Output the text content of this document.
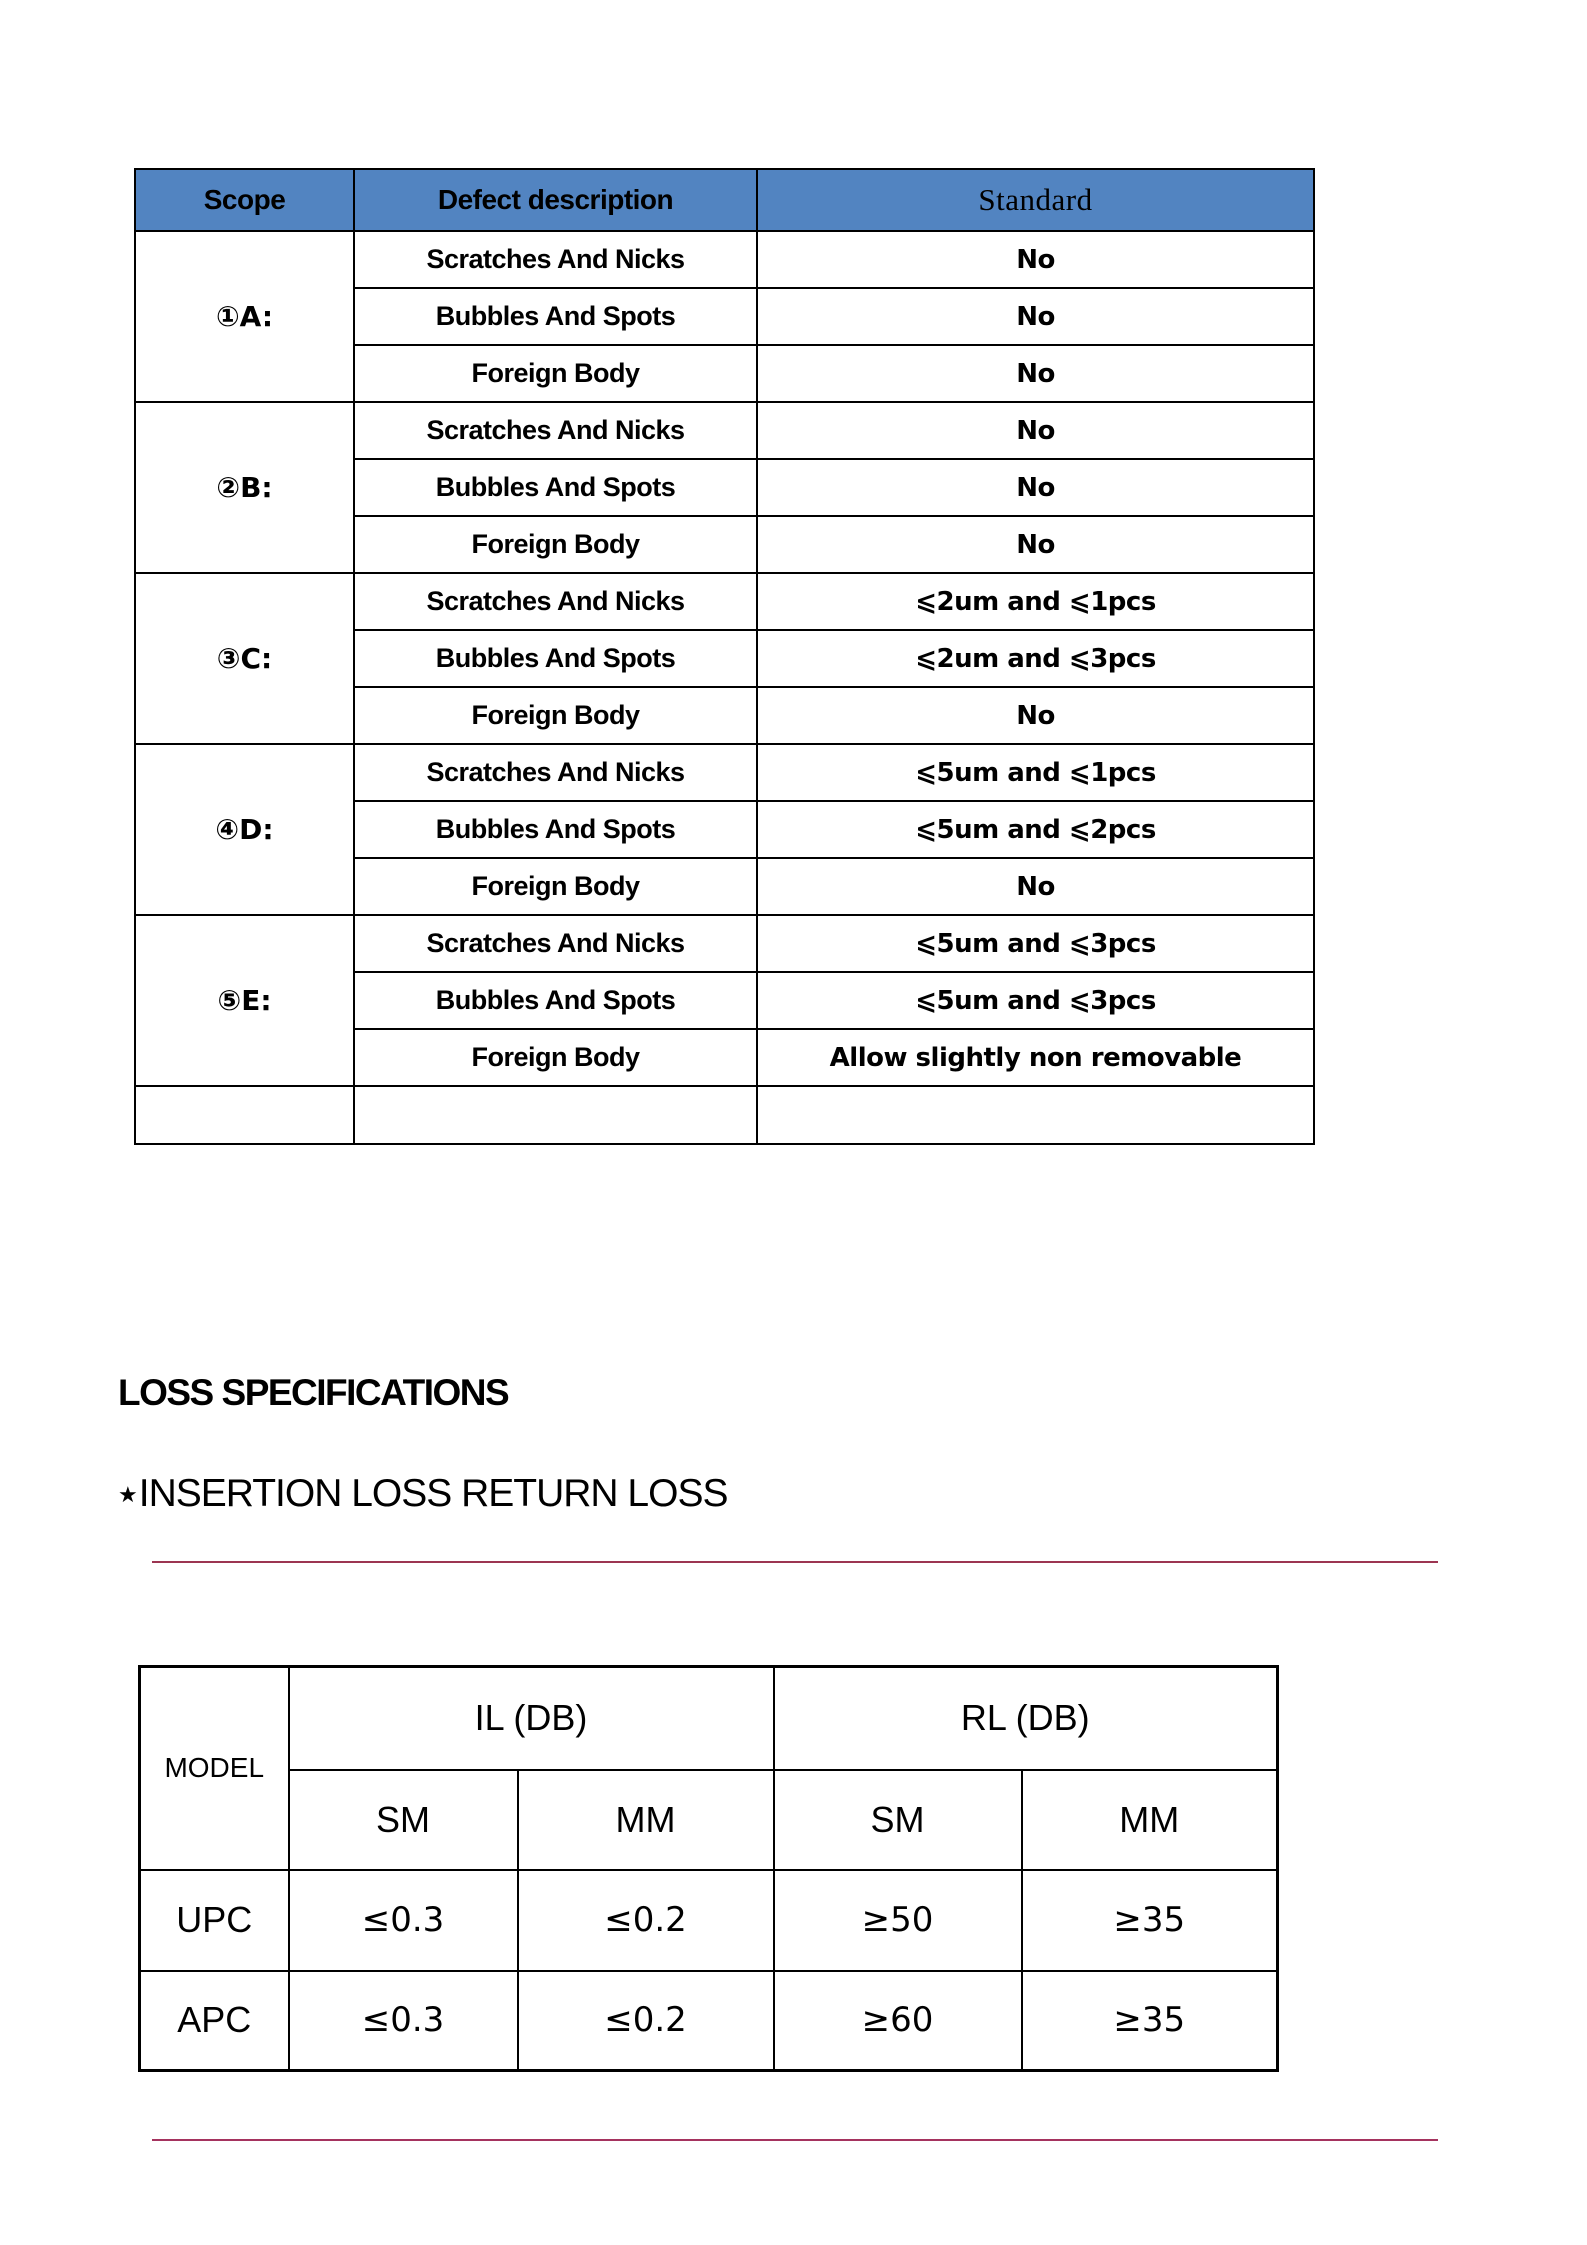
Scope	Defect description	Standard
①A:	Scratches And Nicks	No
	Bubbles And Spots	No
	Foreign Body	No
②B:	Scratches And Nicks	No
	Bubbles And Spots	No
	Foreign Body	No
③C:	Scratches And Nicks	⩽2um and ⩽1pcs
	Bubbles And Spots	⩽2um and ⩽3pcs
	Foreign Body	No
④D:	Scratches And Nicks	⩽5um and ⩽1pcs
	Bubbles And Spots	⩽5um and ⩽2pcs
	Foreign Body	No
⑤E:	Scratches And Nicks	⩽5um and ⩽3pcs
	Bubbles And Spots	⩽5um and ⩽3pcs
	Foreign Body	Allow slightly non removable

LOSS SPECIFICATIONS
★INSERTION LOSS RETURN LOSS
MODEL	IL (DB)		RL (DB)	
	SM	MM	SM	MM
UPC	≤0.3	≤0.2	≥50	≥35
APC	≤0.3	≤0.2	≥60	≥35
